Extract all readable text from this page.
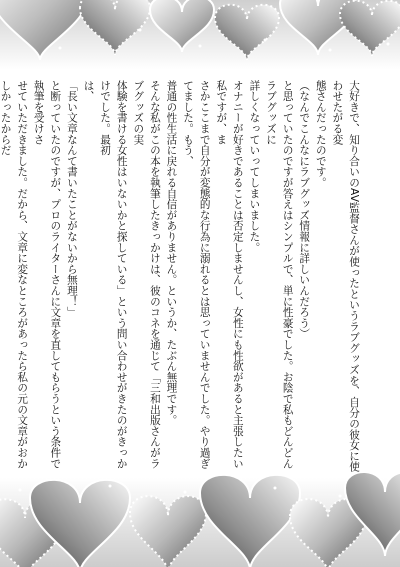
大好きで、知り合いのAV監督さんが使ったというラブグッズを、自分の彼女に使わせたがる変

態さんだったのです。

（なんでこんなにラブグッズ情報に詳しいんだろう）

と思っていたのですが答えはシンプルで、単に性豪でした。お陰で私もどんどんラブグッズに

詳しくなっていってしまいました。

オナニーが好きであることは否定しませんし、女性にも性欲があると主張したい私ですが、ま

さかここまで自分が変態的な行為に溺れるとは思っていませんでした。やり過ぎてました。もう、

普通の性生活に戻れる自信がありません。というか、たぶん無理です。

そんな私がこの本を執筆したきっかけは、彼のコネを通じて「三和出版さんがラブグッズの実

体験を書ける女性はいないかと探している」という問い合わせがきたのがきっかけでした。最初

は、

「長い文章なんて書いたことがないから無理！」

と断っていたのですが、プロのライターさんに文章を直してもらうという条件で執筆を受けさ

せていただきました。だから、文章に変なところがあったら私の元の文章がおかしかったからだ
